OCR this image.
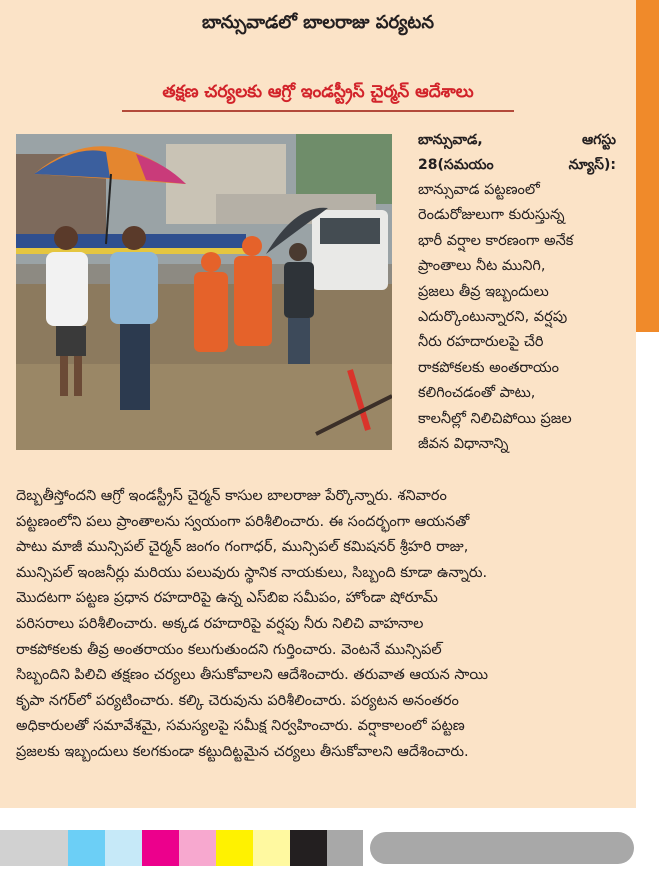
బాన్సువాడలో బాలరాజు పర్యటన
తక్షణ చర్యలకు ఆగ్రో ఇండస్ట్రీస్ చైర్మన్ ఆదేశాలు
బాన్సువాడ,	ఆగస్టు
28(సమయం	న్యూస్):
బాన్సువాడ పట్టణంలో
రెండురోజులుగా కురుస్తున్న
భారీ వర్షాల కారణంగా అనేక
ప్రాంతాలు నీట మునిగి,
ప్రజలు తీవ్ర ఇబ్బందులు
ఎదుర్కొంటున్నారని, వర్షపు
నీరు రహదారులపై చేరి
రాకపోకలకు అంతరాయం
కలిగించడంతో పాటు,
కాలనీల్లో నిలిచిపోయి ప్రజల
జీవన విధానాన్ని
దెబ్బతీస్తోందని ఆగ్రో ఇండస్ట్రీస్ చైర్మన్ కాసుల బాలరాజు పేర్కొన్నారు. శనివారం
పట్టణంలోని పలు ప్రాంతాలను స్వయంగా పరిశీలించారు. ఈ సందర్భంగా ఆయనతో
పాటు మాజీ మున్సిపల్ చైర్మన్ జంగం గంగాధర్, మున్సిపల్ కమిషనర్ శ్రీహరి రాజు,
మున్సిపల్ ఇంజనీర్లు మరియు పలువురు స్థానిక నాయకులు, సిబ్బంది కూడా ఉన్నారు.
మొదటగా పట్టణ ప్రధాన రహదారిపై ఉన్న ఎస్‌బిఐ సమీపం, హోండా షోరూమ్
పరిసరాలు పరిశీలించారు. అక్కడ రహదారిపై వర్షపు నీరు నిలిచి వాహనాల
రాకపోకలకు తీవ్ర అంతరాయం కలుగుతుందని గుర్తించారు. వెంటనే మున్సిపల్
సిబ్బందిని పిలిచి తక్షణం చర్యలు తీసుకోవాలని ఆదేశించారు. తరువాత ఆయన సాయి
కృపా నగర్‌లో పర్యటించారు. కల్కి చెరువును పరిశీలించారు. పర్యటన అనంతరం
అధికారులతో సమావేశమై, సమస్యలపై సమీక్ష నిర్వహించారు. వర్షాకాలంలో పట్టణ
ప్రజలకు ఇబ్బందులు కలగకుండా కట్టుదిట్టమైన చర్యలు తీసుకోవాలని ఆదేశించారు.
